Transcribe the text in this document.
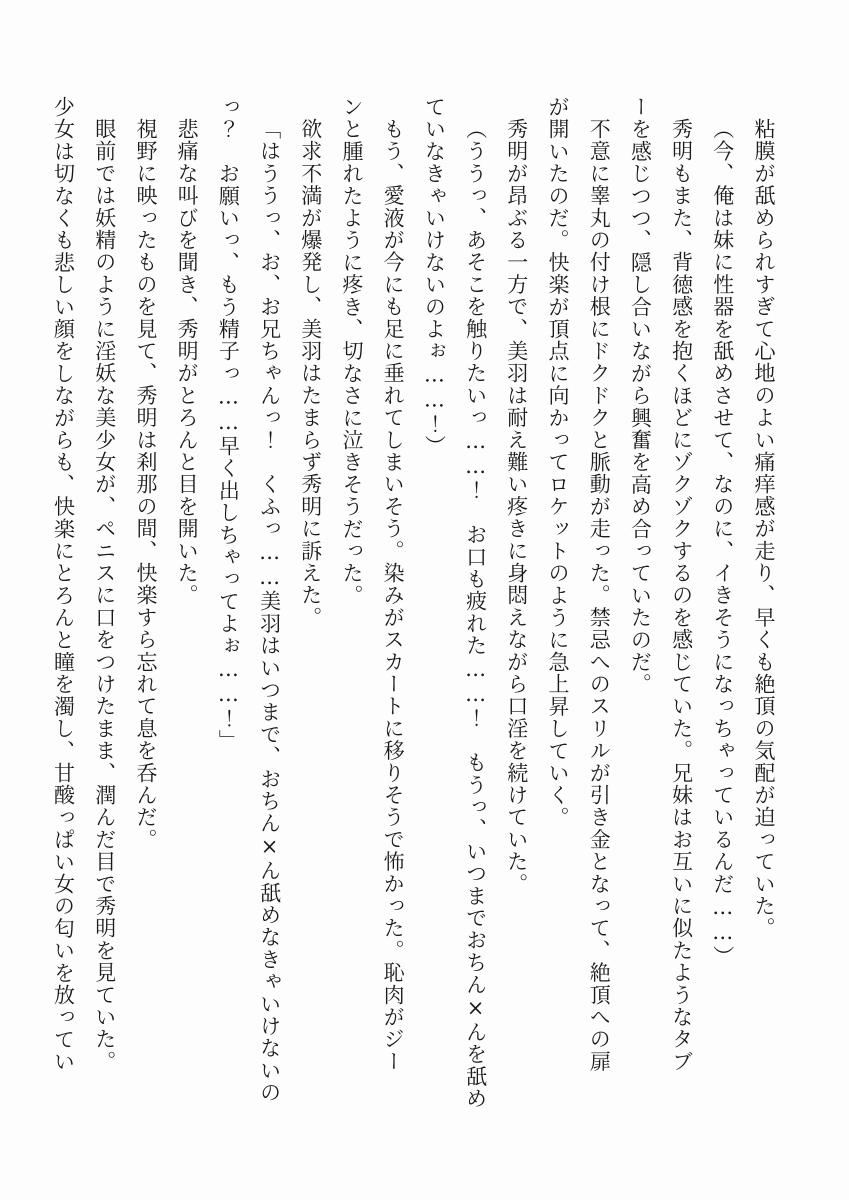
粘膜が舐められすぎて心地のよい痛痒感が走り、早くも絶頂の気配が迫っていた。
（今、俺は妹に性器を舐めさせて、なのに、イきそうになっちゃっているんだ……）
秀明もまた、背徳感を抱くほどにゾクゾクするのを感じていた。兄妹はお互いに似たようなタブ
ーを感じつつ、隠し合いながら興奮を高め合っていたのだ。
不意に睾丸の付け根にドクドクと脈動が走った。禁忌へのスリルが引き金となって、絶頂への扉
が開いたのだ。快楽が頂点に向かってロケットのように急上昇していく。
秀明が昂ぶる一方で、美羽は耐え難い疼きに身悶えながら口淫を続けていた。
（ううっ、あそこを触りたいっ……！　お口も疲れた……！　もうっ、いつまでおちん×んを舐め
ていなきゃいけないのよぉ……！）
もう、愛液が今にも足に垂れてしまいそう。染みがスカートに移りそうで怖かった。恥肉がジー
ンと腫れたように疼き、切なさに泣きそうだった。
欲求不満が爆発し、美羽はたまらず秀明に訴えた。
「はううっ、お、お兄ちゃんっ！　くふっ……美羽はいつまで、おちん×ん舐めなきゃいけないの
っ？　お願いっ、もう精子っ……早く出しちゃってよぉ……！」
悲痛な叫びを聞き、秀明がとろんと目を開いた。
視野に映ったものを見て、秀明は刹那の間、快楽すら忘れて息を呑んだ。
眼前では妖精のように淫妖な美少女が、ペニスに口をつけたまま、潤んだ目で秀明を見ていた。
少女は切なくも悲しい顔をしながらも、快楽にとろんと瞳を濁し、甘酸っぱい女の匂いを放ってい
